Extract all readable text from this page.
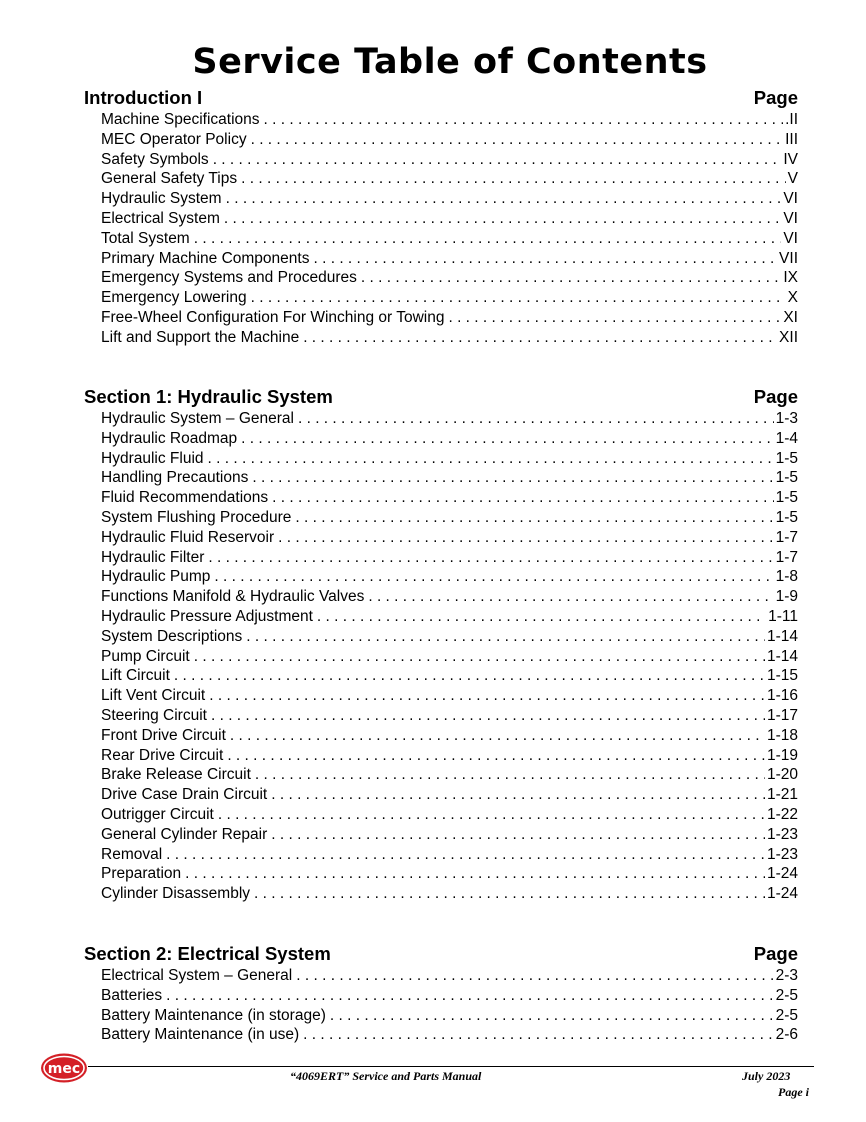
Service Table of Contents
Introduction I	Page
Machine Specifications . . .	.II
MEC Operator Policy . . .	III
Safety Symbols . . .	IV
General Safety Tips . . .	V
Hydraulic System . . .	VI
Electrical System . . .	VI
Total System . . .	VI
Primary Machine Components . . .	VII
Emergency Systems and Procedures . . .	IX
Emergency Lowering . . .	X
Free-Wheel Configuration For Winching or Towing . . .	XI
Lift and Support the Machine . . .	XII
Section 1: Hydraulic System	Page
Hydraulic System – General . . .	1-3
Hydraulic Roadmap . . .	1-4
Hydraulic Fluid . . .	1-5
Handling Precautions . . .	1-5
Fluid Recommendations . . .	1-5
System Flushing Procedure . . .	1-5
Hydraulic Fluid Reservoir . . .	1-7
Hydraulic Filter . . .	1-7
Hydraulic Pump . . .	1-8
Functions Manifold & Hydraulic Valves . . .	1-9
Hydraulic Pressure Adjustment . . .	1-11
System Descriptions . . .	1-14
Pump Circuit . . .	1-14
Lift Circuit . . .	1-15
Lift Vent Circuit . . .	1-16
Steering Circuit . . .	1-17
Front Drive Circuit . . .	1-18
Rear Drive Circuit . . .	1-19
Brake Release Circuit . . .	1-20
Drive Case Drain Circuit . . .	1-21
Outrigger Circuit . . .	1-22
General Cylinder Repair . . .	1-23
Removal . . .	1-23
Preparation . . .	1-24
Cylinder Disassembly . . .	1-24
Section 2: Electrical System	Page
Electrical System – General . . .	2-3
Batteries . . .	2-5
Battery Maintenance (in storage) . . .	2-5
Battery Maintenance (in use) . . .	2-6
mec	“4069ERT” Service and Parts Manual	July 2023
Page i
